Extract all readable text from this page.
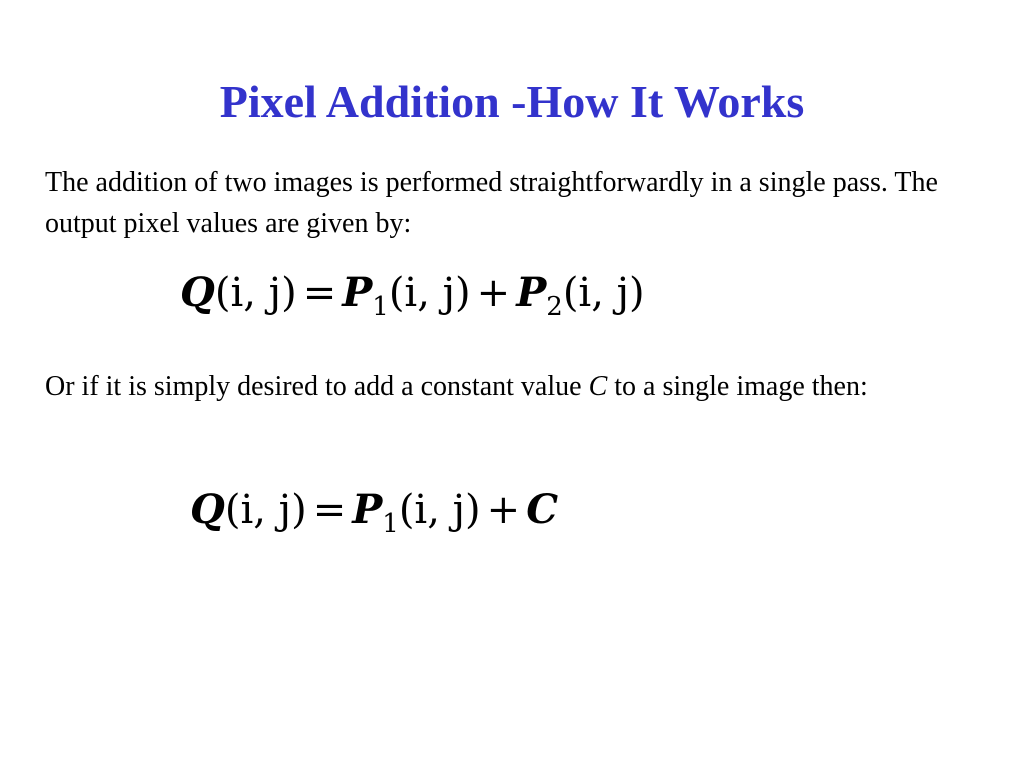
Pixel Addition -How It Works
The addition of two images is performed straightforwardly in a single pass. The output pixel values are given by:
Q(i, $j) = P_1(i$, $j) + P_2(i$, j)
Or if it is simply desired to add a constant value C to a single image then:
Q(i, $j) = P_1(i$, j) + C
